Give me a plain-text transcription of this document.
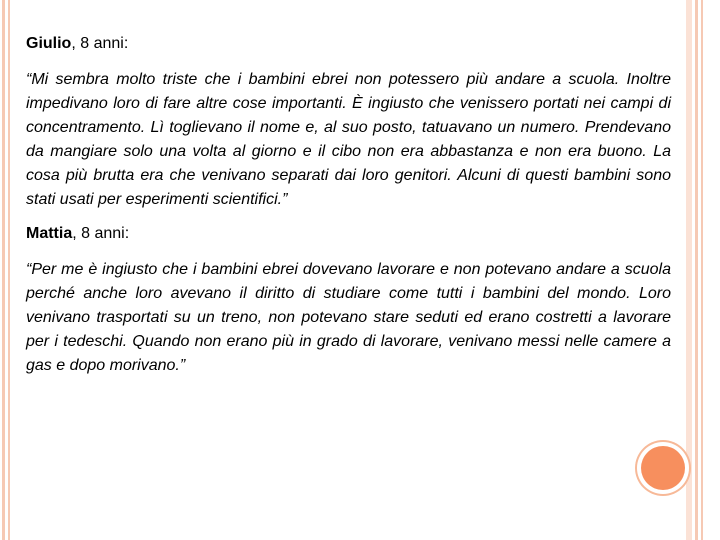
Giulio, 8 anni:

“Mi sembra molto triste che i bambini ebrei non potessero più andare a scuola. Inoltre impedivano loro di fare altre cose importanti. È ingiusto che venissero portati nei campi di concentramento. Lì toglievano il nome e, al suo posto, tatuavano un numero. Prendevano da mangiare solo una volta al giorno e il cibo non era abbastanza e non era buono. La cosa più brutta era che venivano separati dai loro genitori. Alcuni di questi bambini sono stati usati per esperimenti scientifici.”

Mattia, 8 anni:

“Per me è ingiusto che i bambini ebrei dovevano lavorare e non potevano andare a scuola perché anche loro avevano il diritto di studiare come tutti i bambini del mondo. Loro venivano trasportati su un treno, non potevano stare seduti ed erano costretti a lavorare per i tedeschi. Quando non erano più in grado di lavorare, venivano messi nelle camere a gas e dopo morivano.”
